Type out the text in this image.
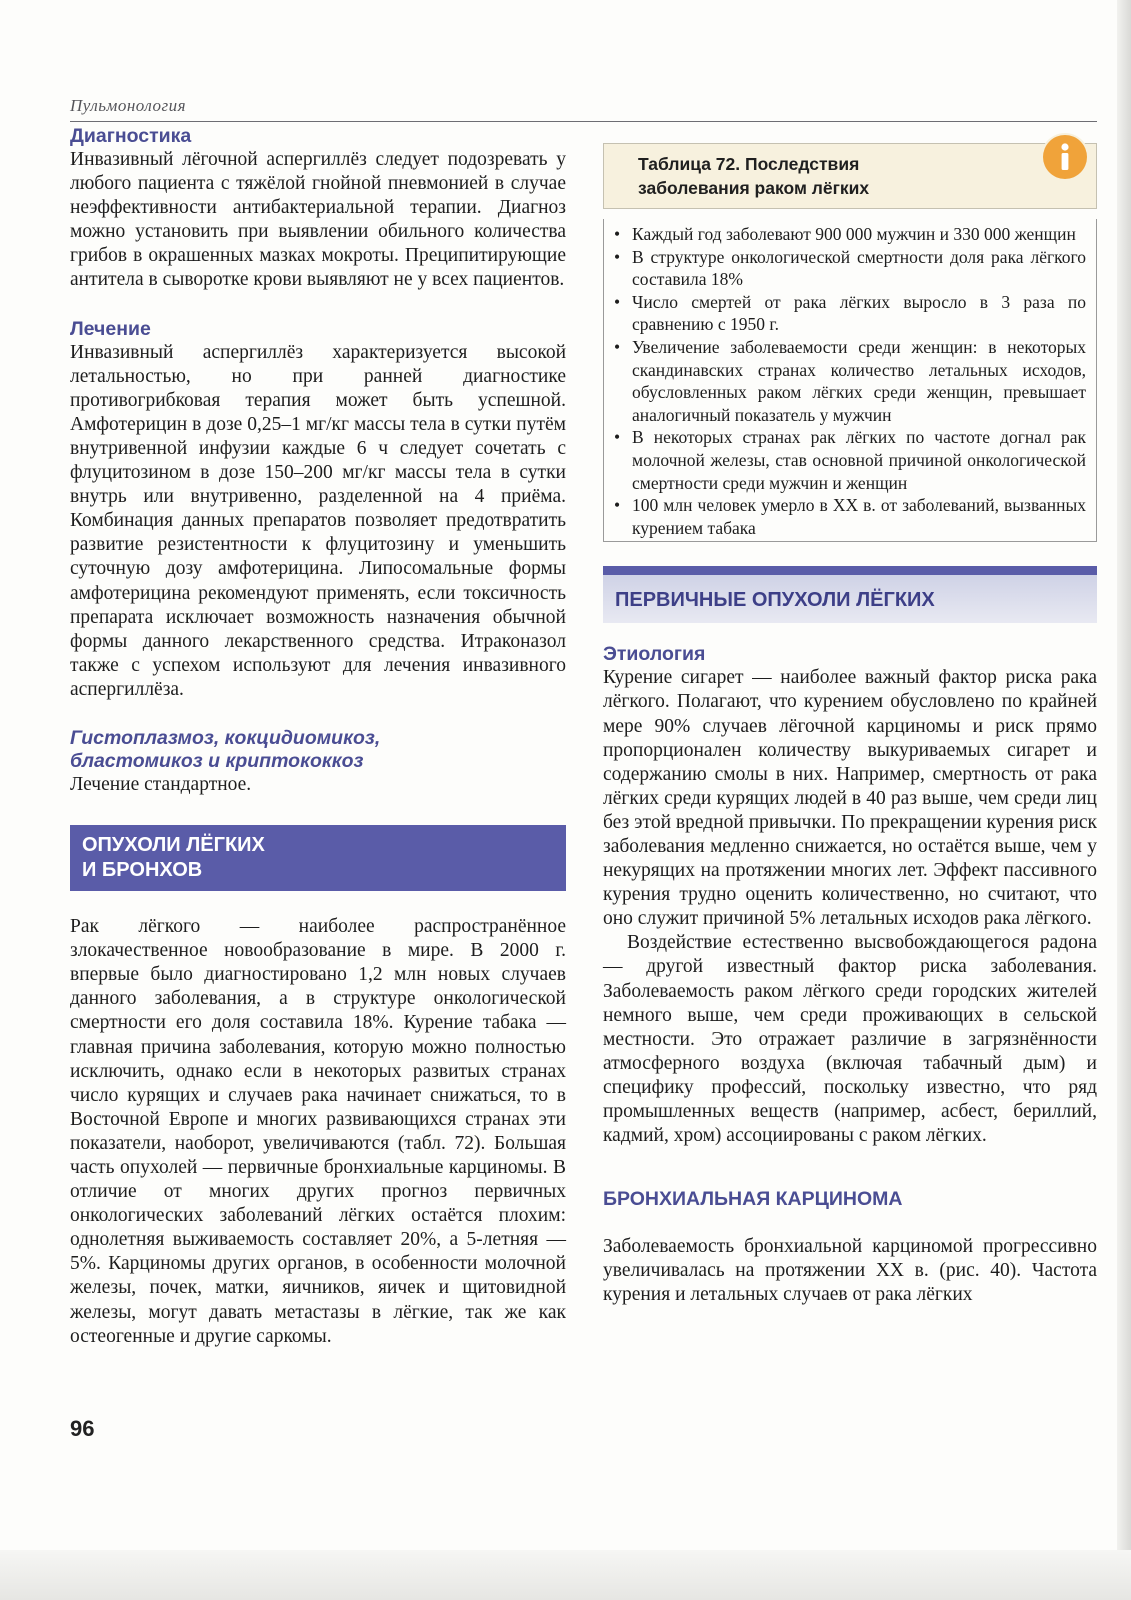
Пульмонология
Диагностика

Инвазивный лёгочной аспергиллёз следует подозревать у любого пациента с тяжёлой гнойной пневмонией в случае неэффективности антибактериальной терапии. Диагноз можно установить при выявлении обильного количества грибов в окрашенных мазках мокроты. Преципитирующие антитела в сыворотке крови выявляют не у всех пациентов.

Лечение

Инвазивный аспергиллёз характеризуется высокой летальностью, но при ранней диагностике противогрибковая терапия может быть успешной. Амфотерицин в дозе 0,25–1 мг/кг массы тела в сутки путём внутривенной инфузии каждые 6 ч следует сочетать с флуцитозином в дозе 150–200 мг/кг массы тела в сутки внутрь или внутривенно, разделенной на 4 приёма. Комбинация данных препаратов позволяет предотвратить развитие резистентности к флуцитозину и уменьшить суточную дозу амфотерицина. Липосомальные формы амфотерицина рекомендуют применять, если токсичность препарата исключает возможность назначения обычной формы данного лекарственного средства. Итраконазол также с успехом используют для лечения инвазивного аспергиллёза.

Гистоплазмоз, кокцидиомикоз,
бластомикоз и криптококкоз

Лечение стандартное.

ОПУХОЛИ ЛЁГКИХ
И БРОНХОВ

Рак лёгкого — наиболее распространённое злокачественное новообразование в мире. В 2000 г. впервые было диагностировано 1,2 млн новых случаев данного заболевания, а в структуре онкологической смертности его доля составила 18%. Курение табака — главная причина заболевания, которую можно полностью исключить, однако если в некоторых развитых странах число курящих и случаев рака начинает снижаться, то в Восточной Европе и многих развивающихся странах эти показатели, наоборот, увеличиваются (табл. 72). Большая часть опухолей — первичные бронхиальные карциномы. В отличие от многих других прогноз первичных онкологических заболеваний лёгких остаётся плохим: однолетняя выживаемость составляет 20%, а 5-летняя — 5%. Карциномы других органов, в особенности молочной железы, почек, матки, яичников, яичек и щитовидной железы, могут давать метастазы в лёгкие, так же как остеогенные и другие саркомы.

Таблица 72. Последствия
заболевания раком лёгких
• Каждый год заболевают 900 000 мужчин и 330 000 женщин
• В структуре онкологической смертности доля рака лёгкого составила 18%
• Число смертей от рака лёгких выросло в 3 раза по сравнению с 1950 г.
• Увеличение заболеваемости среди женщин: в некоторых скандинавских странах количество летальных исходов, обусловленных раком лёгких среди женщин, превышает аналогичный показатель у мужчин
• В некоторых странах рак лёгких по частоте догнал рак молочной железы, став основной причиной онкологической смертности среди мужчин и женщин
• 100 млн человек умерло в XX в. от заболеваний, вызванных курением табака
ПЕРВИЧНЫЕ ОПУХОЛИ ЛЁГКИХ
Этиология

Курение сигарет — наиболее важный фактор риска рака лёгкого. Полагают, что курением обусловлено по крайней мере 90% случаев лёгочной карциномы и риск прямо пропорционален количеству выкуриваемых сигарет и содержанию смолы в них. Например, смертность от рака лёгких среди курящих людей в 40 раз выше, чем среди лиц без этой вредной привычки. По прекращении курения риск заболевания медленно снижается, но остаётся выше, чем у некурящих на протяжении многих лет. Эффект пассивного курения трудно оценить количественно, но считают, что оно служит причиной 5% летальных исходов рака лёгкого.

Воздействие естественно высвобождающегося радона — другой известный фактор риска заболевания. Заболеваемость раком лёгкого среди городских жителей немного выше, чем среди проживающих в сельской местности. Это отражает различие в загрязнённости атмосферного воздуха (включая табачный дым) и специфику профессий, поскольку известно, что ряд промышленных веществ (например, асбест, бериллий, кадмий, хром) ассоциированы с раком лёгких.

БРОНХИАЛЬНАЯ КАРЦИНОМА

Заболеваемость бронхиальной карциномой прогрессивно увеличивалась на протяжении XX в. (рис. 40). Частота курения и летальных случаев от рака лёгких

96
